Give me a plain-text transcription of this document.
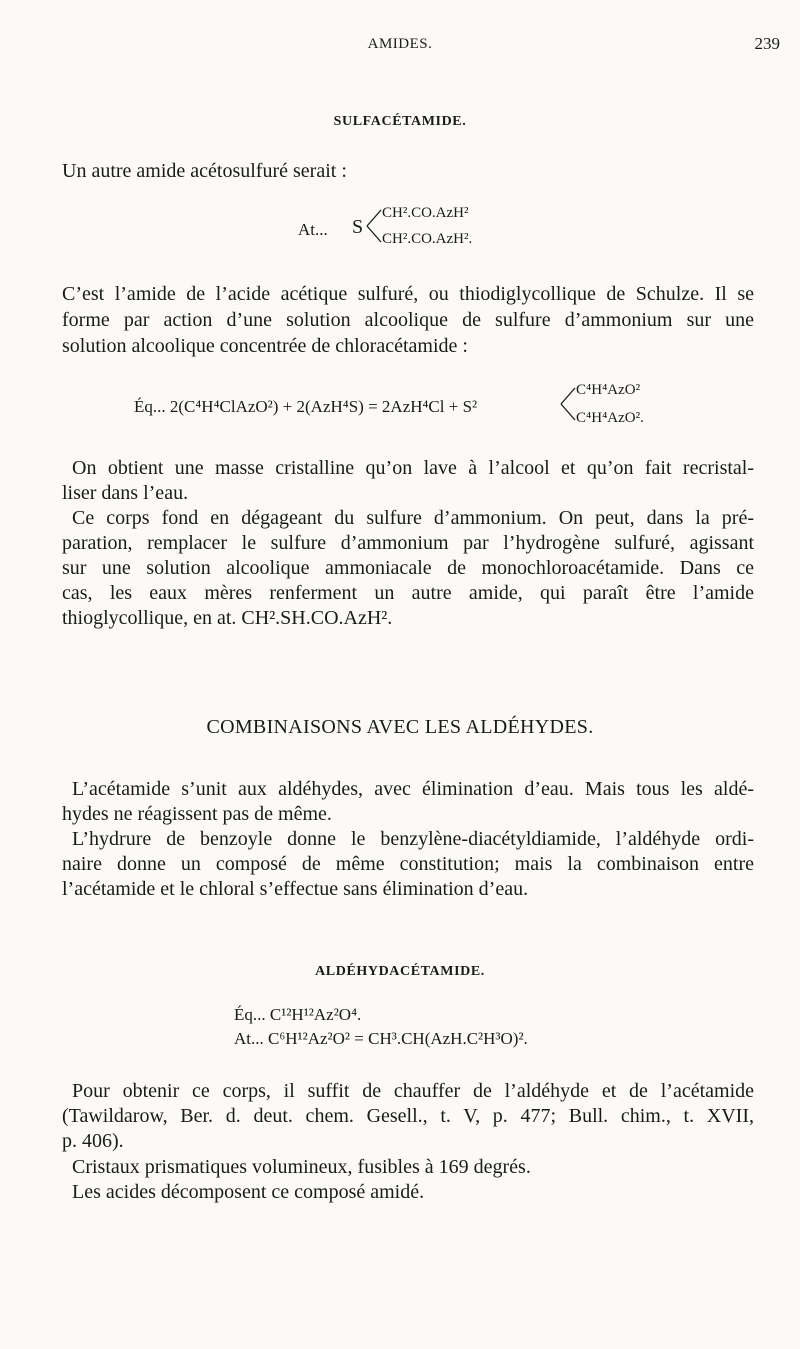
AMIDES.	239
SULFACÉTAMIDE.
Un autre amide acétosulfuré serait :
At... S
CH².CO.AzH²
CH².CO.AzH².
C’est l’amide de l’acide acétique sulfuré, ou thiodiglycollique de Schulze. Il se
forme par action d’une solution alcoolique de sulfure d’ammonium sur une
solution alcoolique concentrée de chloracétamide :
Éq... 2(C⁴H⁴ClAzO²) + 2(AzH⁴S) = 2AzH⁴Cl + S²
C⁴H⁴AzO²
C⁴H⁴AzO².
On obtient une masse cristalline qu’on lave à l’alcool et qu’on fait recristal-
liser dans l’eau.
Ce corps fond en dégageant du sulfure d’ammonium. On peut, dans la pré-
paration, remplacer le sulfure d’ammonium par l’hydrogène sulfuré, agissant
sur une solution alcoolique ammoniacale de monochloroacétamide. Dans ce
cas, les eaux mères renferment un autre amide, qui paraît être l’amide
thioglycollique, en at. CH².SH.CO.AzH².
COMBINAISONS AVEC LES ALDÉHYDES.
L’acétamide s’unit aux aldéhydes, avec élimination d’eau. Mais tous les aldé-
hydes ne réagissent pas de même.
L’hydrure de benzoyle donne le benzylène-diacétyldiamide, l’aldéhyde ordi-
naire donne un composé de même constitution; mais la combinaison entre
l’acétamide et le chloral s’effectue sans élimination d’eau.
ALDÉHYDACÉTAMIDE.
Éq... C¹²H¹²Az²O⁴.
At... C⁶H¹²Az²O² = CH³.CH(AzH.C²H³O)².
Pour obtenir ce corps, il suffit de chauffer de l’aldéhyde et de l’acétamide
(Tawildarow, Ber. d. deut. chem. Gesell., t. V, p. 477; Bull. chim., t. XVII,
p. 406).
Cristaux prismatiques volumineux, fusibles à 169 degrés.
Les acides décomposent ce composé amidé.
